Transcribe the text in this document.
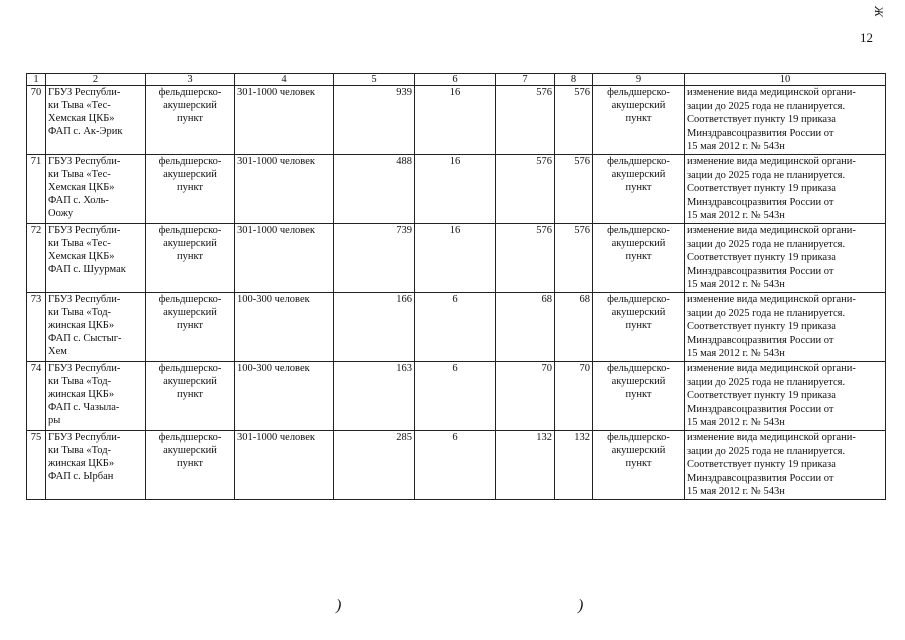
Ж
12
1	2	3	4	5	6	7	8	9	10
70	ГБУЗ Республи-
ки Тыва «Тес-
Хемская ЦКБ»
ФАП с. Ак-Эрик	фельдшерско-
акушерский
пункт	301-1000 человек	939	16	576	576	фельдшерско-
акушерский
пункт	изменение вида медицинской органи-
зации до 2025 года не планируется.
Соответствует пункту 19 приказа
Минздравсоцразвития России от
15 мая 2012 г. № 543н
71	ГБУЗ Республи-
ки Тыва «Тес-
Хемская ЦКБ»
ФАП с. Холь-
Оожу	фельдшерско-
акушерский
пункт	301-1000 человек	488	16	576	576	фельдшерско-
акушерский
пункт	изменение вида медицинской органи-
зации до 2025 года не планируется.
Соответствует пункту 19 приказа
Минздравсоцразвития России от
15 мая 2012 г. № 543н
72	ГБУЗ Республи-
ки Тыва «Тес-
Хемская ЦКБ»
ФАП с. Шуурмак	фельдшерско-
акушерский
пункт	301-1000 человек	739	16	576	576	фельдшерско-
акушерский
пункт	изменение вида медицинской органи-
зации до 2025 года не планируется.
Соответствует пункту 19 приказа
Минздравсоцразвития России от
15 мая 2012 г. № 543н
73	ГБУЗ Республи-
ки Тыва «Тод-
жинская ЦКБ»
ФАП с. Сыстыг-
Хем	фельдшерско-
акушерский
пункт	100-300 человек	166	6	68	68	фельдшерско-
акушерский
пункт	изменение вида медицинской органи-
зации до 2025 года не планируется.
Соответствует пункту 19 приказа
Минздравсоцразвития России от
15 мая 2012 г. № 543н
74	ГБУЗ Республи-
ки Тыва «Тод-
жинская ЦКБ»
ФАП с. Чазыла-
ры	фельдшерско-
акушерский
пункт	100-300 человек	163	6	70	70	фельдшерско-
акушерский
пункт	изменение вида медицинской органи-
зации до 2025 года не планируется.
Соответствует пункту 19 приказа
Минздравсоцразвития России от
15 мая 2012 г. № 543н
75	ГБУЗ Республи-
ки Тыва «Тод-
жинская ЦКБ»
ФАП с. Ырбан	фельдшерско-
акушерский
пункт	301-1000 человек	285	6	132	132	фельдшерско-
акушерский
пункт	изменение вида медицинской органи-
зации до 2025 года не планируется.
Соответствует пункту 19 приказа
Минздравсоцразвития России от
15 мая 2012 г. № 543н
)	)
